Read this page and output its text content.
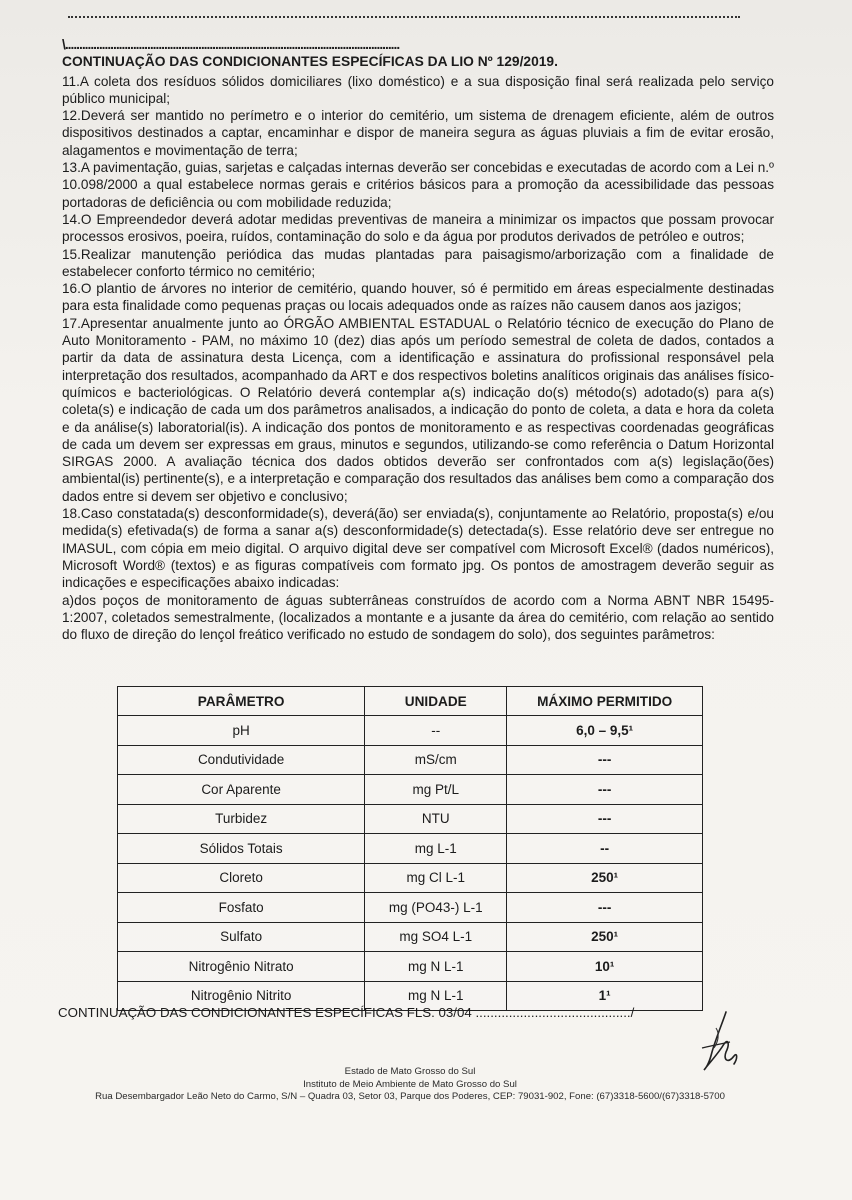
\......................................................................................................................
CONTINUAÇÃO DAS CONDICIONANTES ESPECÍFICAS DA LIO Nº 129/2019.

11.A coleta dos resíduos sólidos domiciliares (lixo doméstico) e a sua disposição final será realizada pelo serviço público municipal;

12.Deverá ser mantido no perímetro e o interior do cemitério, um sistema de drenagem eficiente, além de outros dispositivos destinados a captar, encaminhar e dispor de maneira segura as águas pluviais a fim de evitar erosão, alagamentos e movimentação de terra;

13.A pavimentação, guias, sarjetas e calçadas internas deverão ser concebidas e executadas de acordo com a Lei n.º 10.098/2000 a qual estabelece normas gerais e critérios básicos para a promoção da acessibilidade das pessoas portadoras de deficiência ou com mobilidade reduzida;

14.O Empreendedor deverá adotar medidas preventivas de maneira a minimizar os impactos que possam provocar processos erosivos, poeira, ruídos, contaminação do solo e da água por produtos derivados de petróleo e outros;

15.Realizar manutenção periódica das mudas plantadas para paisagismo/arborização com a finalidade de estabelecer conforto térmico no cemitério;

16.O plantio de árvores no interior de cemitério, quando houver, só é permitido em áreas especialmente destinadas para esta finalidade como pequenas praças ou locais adequados onde as raízes não causem danos aos jazigos;

17.Apresentar anualmente junto ao ÓRGÃO AMBIENTAL ESTADUAL o Relatório técnico de execução do Plano de Auto Monitoramento - PAM, no máximo 10 (dez) dias após um período semestral de coleta de dados, contados a partir da data de assinatura desta Licença, com a identificação e assinatura do profissional responsável pela interpretação dos resultados, acompanhado da ART e dos respectivos boletins analíticos originais das análises físico-químicos e bacteriológicas. O Relatório deverá contemplar a(s) indicação do(s) método(s) adotado(s) para a(s) coleta(s) e indicação de cada um dos parâmetros analisados, a indicação do ponto de coleta, a data e hora da coleta e da análise(s) laboratorial(is). A indicação dos pontos de monitoramento e as respectivas coordenadas geográficas de cada um devem ser expressas em graus, minutos e segundos, utilizando-se como referência o Datum Horizontal SIRGAS 2000. A avaliação técnica dos dados obtidos deverão ser confrontados com a(s) legislação(ões) ambiental(is) pertinente(s), e a interpretação e comparação dos resultados das análises bem como a comparação dos dados entre si devem ser objetivo e conclusivo;

18.Caso constatada(s) desconformidade(s), deverá(ão) ser enviada(s), conjuntamente ao Relatório, proposta(s) e/ou medida(s) efetivada(s) de forma a sanar a(s) desconformidade(s) detectada(s). Esse relatório deve ser entregue no IMASUL, com cópia em meio digital. O arquivo digital deve ser compatível com Microsoft Excel® (dados numéricos), Microsoft Word® (textos) e as figuras compatíveis com formato jpg. Os pontos de amostragem deverão seguir as indicações e especificações abaixo indicadas:

a)dos poços de monitoramento de águas subterrâneas construídos de acordo com a Norma ABNT NBR 15495-1:2007, coletados semestralmente, (localizados a montante e a jusante da área do cemitério, com relação ao sentido do fluxo de direção do lençol freático verificado no estudo de sondagem do solo), dos seguintes parâmetros:

PARÂMETRO	UNIDADE	MÁXIMO PERMITIDO
pH	--	6,0 – 9,5¹
Condutividade	mS/cm	---
Cor Aparente	mg Pt/L	---
Turbidez	NTU	---
Sólidos Totais	mg L-1	--
Cloreto	mg Cl L-1	250¹
Fosfato	mg (PO43-) L-1	---
Sulfato	mg SO4 L-1	250¹
Nitrogênio Nitrato	mg N L-1	10¹
Nitrogênio Nitrito	mg N L-1	1¹
CONTINUAÇÃO DAS CONDICIONANTES ESPECÍFICAS FLS. 03/04 ........................................../
Estado de Mato Grosso do Sul
Instituto de Meio Ambiente de Mato Grosso do Sul
Rua Desembargador Leão Neto do Carmo, S/N – Quadra 03, Setor 03, Parque dos Poderes, CEP: 79031-902, Fone: (67)3318-5600/(67)3318-5700
